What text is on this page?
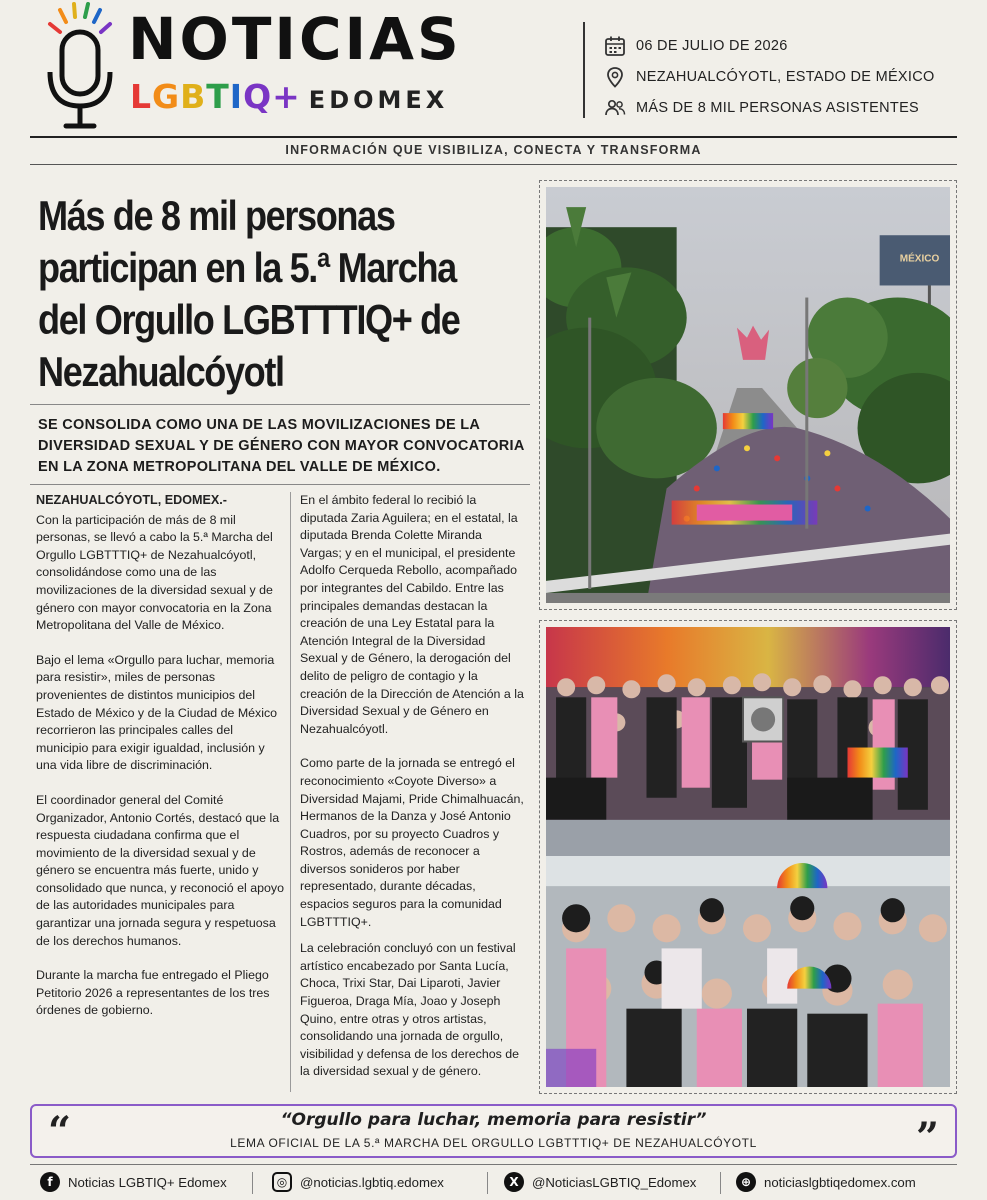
NOTICIAS
LGBTIQ+ EDOMEX
06 DE JULIO DE 2026
NEZAHUALCÓYOTL, ESTADO DE MÉXICO
MÁS DE 8 MIL PERSONAS ASISTENTES
INFORMACIÓN QUE VISIBILIZA, CONECTA Y TRANSFORMA
Más de 8 mil personas participan en la 5.ª Marcha del Orgullo LGBTTTIQ+ de Nezahualcóyotl
SE CONSOLIDA COMO UNA DE LAS MOVILIZACIONES DE LA DIVERSIDAD SEXUAL Y DE GÉNERO CON MAYOR CONVOCATORIA EN LA ZONA METROPOLITANA DEL VALLE DE MÉXICO.
NEZAHUALCÓYOTL, EDOMEX.-

Con la participación de más de 8 mil personas, se llevó a cabo la 5.ª Marcha del Orgullo LGBTTTIQ+ de Nezahualcóyotl, consolidándose como una de las movilizaciones de la diversidad sexual y de género con mayor convocatoria en la Zona Metropolitana del Valle de México.

Bajo el lema «Orgullo para luchar, memoria para resistir», miles de personas provenientes de distintos municipios del Estado de México y de la Ciudad de México recorrieron las principales calles del municipio para exigir igualdad, inclusión y una vida libre de discriminación.

El coordinador general del Comité Organizador, Antonio Cortés, destacó que la respuesta ciudadana confirma que el movimiento de la diversidad sexual y de género se encuentra más fuerte, unido y consolidado que nunca, y reconoció el apoyo de las autoridades municipales para garantizar una jornada segura y respetuosa de los derechos humanos.

Durante la marcha fue entregado el Pliego Petitorio 2026 a representantes de los tres órdenes de gobierno.

En el ámbito federal lo recibió la diputada Zaria Aguilera; en el estatal, la diputada Brenda Colette Miranda Vargas; y en el municipal, el presidente Adolfo Cerqueda Rebollo, acompañado por integrantes del Cabildo. Entre las principales demandas destacan la creación de una Ley Estatal para la Atención Integral de la Diversidad Sexual y de Género, la derogación del delito de peligro de contagio y la creación de la Dirección de Atención a la Diversidad Sexual y de Género en Nezahualcóyotl.

Como parte de la jornada se entregó el reconocimiento «Coyote Diverso» a Diversidad Majami, Pride Chimalhuacán, Hermanos de la Danza y José Antonio Cuadros, por su proyecto Cuadros y Rostros, además de reconocer a diversos sonideros por haber representado, durante décadas, espacios seguros para la comunidad LGBTTTIQ+.

La celebración concluyó con un festival artístico encabezado por Santa Lucía, Choca, Trixi Star, Dai Liparoti, Javier Figueroa, Draga Mía, Joao y Joseph Quino, entre otras y otros artistas, consolidando una jornada de orgullo, visibilidad y defensa de los derechos de la diversidad sexual y de género.

MÉXICO
“	“Orgullo para luchar, memoria para resistir”
LEMA OFICIAL DE LA 5.ª MARCHA DEL ORGULLO LGBTTTIQ+ DE NEZAHUALCÓYOTL	”
f	Noticias LGBTIQ+ Edomex	◎ @noticias.lgbtiq.edomex	X	@NoticiasLGBTIQ_Edomex	⊕ noticiaslgbtiqedomex.com
